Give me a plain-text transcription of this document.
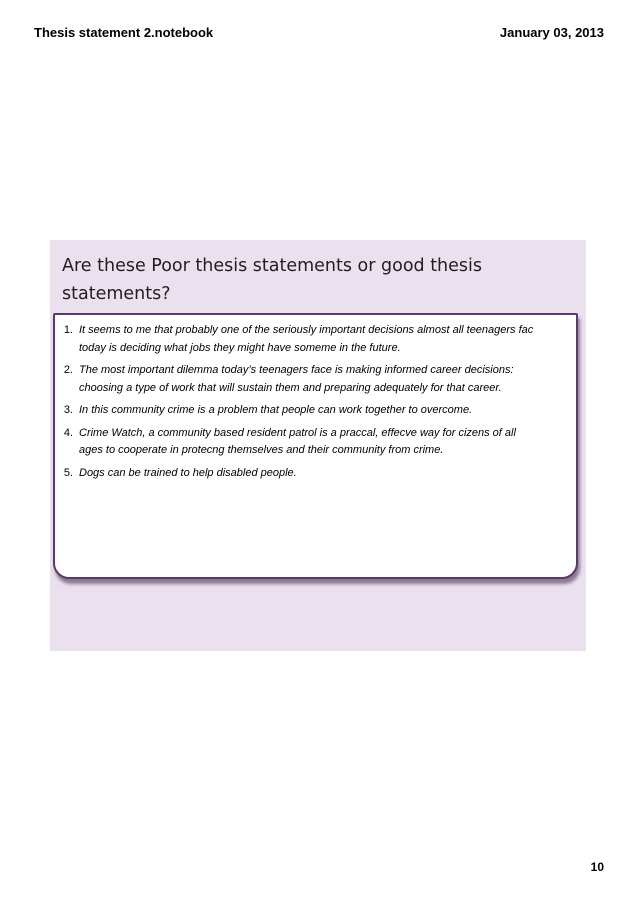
Thesis statement 2.notebook	January 03, 2013
Are these Poor thesis statements or good thesis statements?
1. It seems to me that probably one of the seriously important decisions almost all teenagers fac
today is deciding what jobs they might have someme in the future.
2. The most important dilemma today’s teenagers face is making informed career decisions:
choosing a type of work that will sustain them and preparing adequately for that career.
3. In this community crime is a problem that people can work together to overcome.
4. Crime Watch, a community based resident patrol is a praccal, effecve way for cizens of all
ages to cooperate in protecng themselves and their community from crime.
5. Dogs can be trained to help disabled people.
10
